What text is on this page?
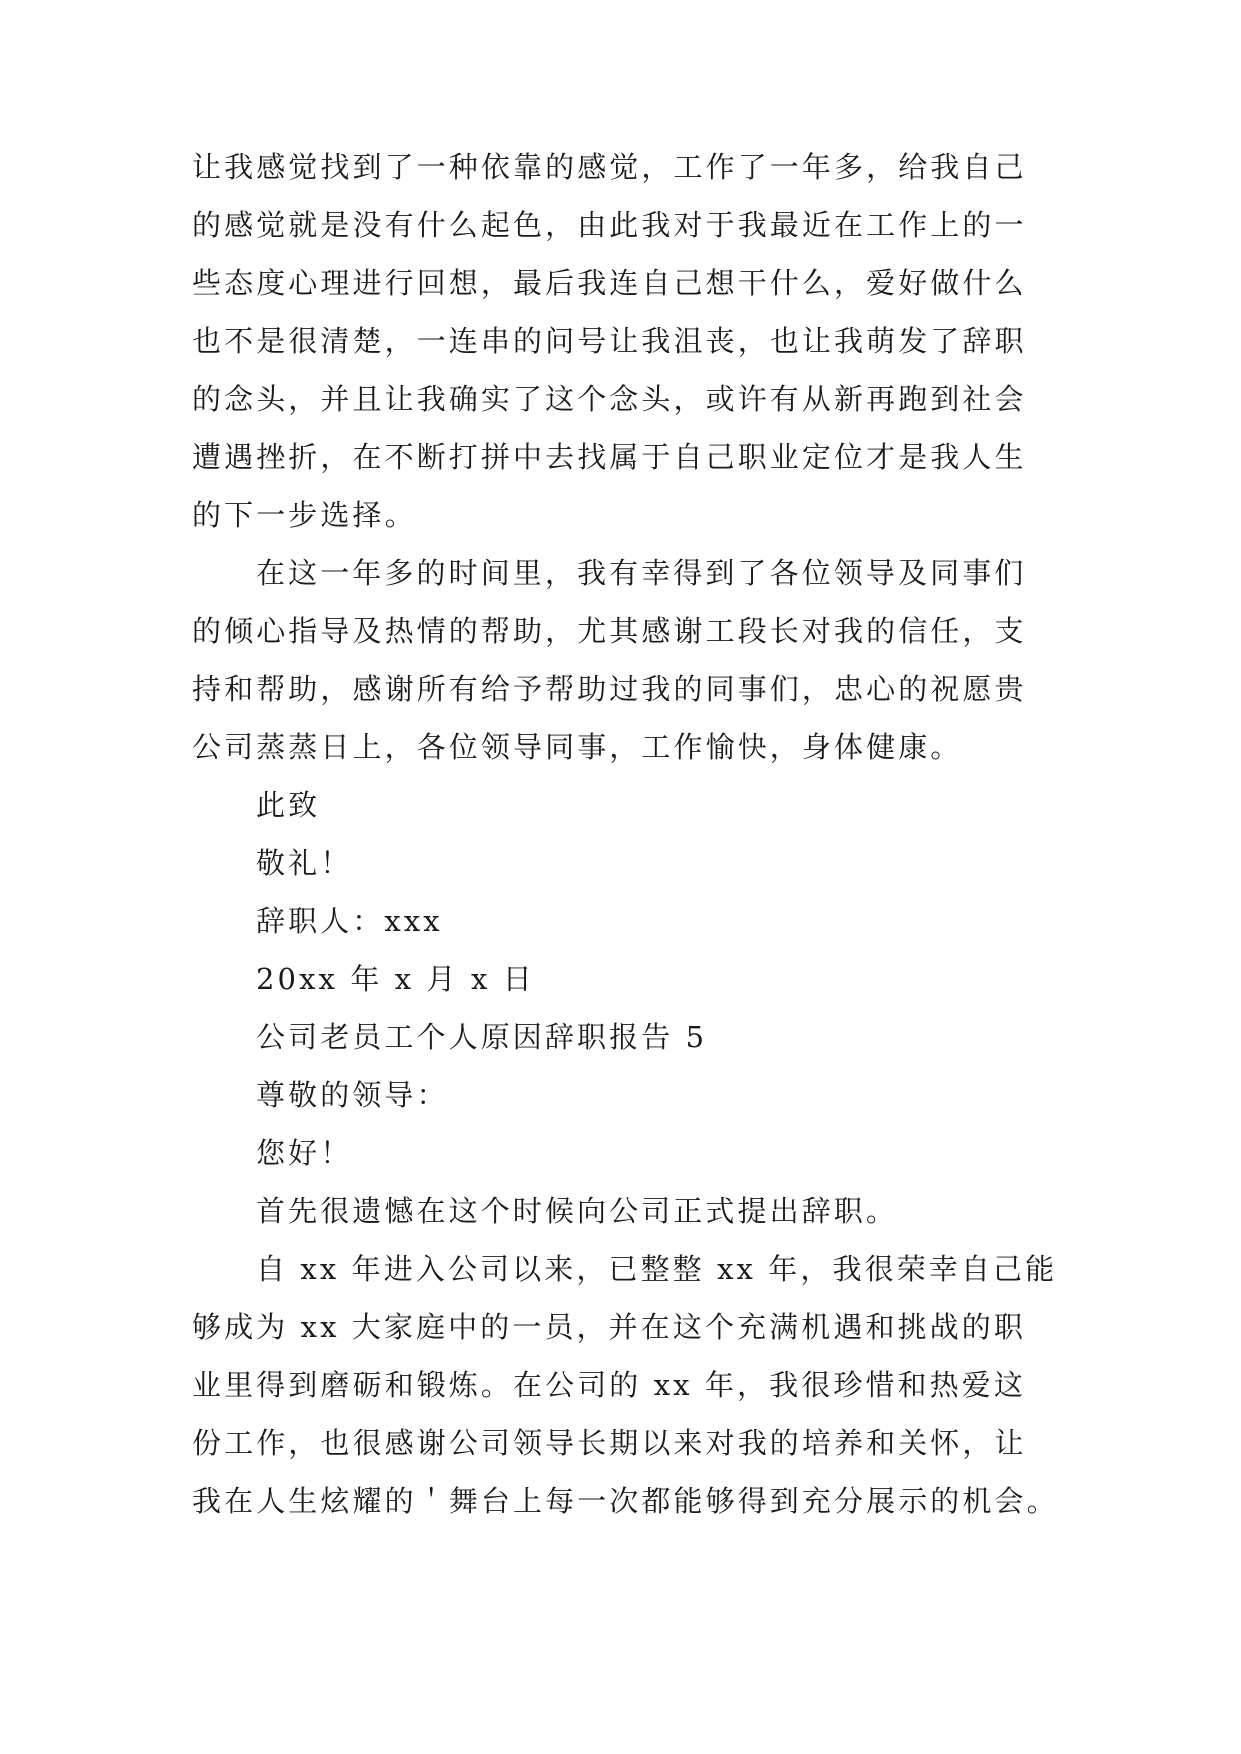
让我感觉找到了一种依靠的感觉，工作了一年多，给我自己
的感觉就是没有什么起色，由此我对于我最近在工作上的一
些态度心理进行回想，最后我连自己想干什么，爱好做什么
也不是很清楚，一连串的问号让我沮丧，也让我萌发了辞职
的念头，并且让我确实了这个念头，或许有从新再跑到社会
遭遇挫折，在不断打拼中去找属于自己职业定位才是我人生
的下一步选择。
在这一年多的时间里，我有幸得到了各位领导及同事们
的倾心指导及热情的帮助，尤其感谢工段长对我的信任，支
持和帮助，感谢所有给予帮助过我的同事们，忠心的祝愿贵
公司蒸蒸日上，各位领导同事，工作愉快，身体健康。
此致
敬礼！
辞职人：xxx
20xx 年 x 月 x 日
公司老员工个人原因辞职报告 5
尊敬的领导：
您好！
首先很遗憾在这个时候向公司正式提出辞职。
自 xx 年进入公司以来，已整整 xx 年，我很荣幸自己能
够成为 xx 大家庭中的一员，并在这个充满机遇和挑战的职
业里得到磨砺和锻炼。在公司的 xx 年，我很珍惜和热爱这
份工作，也很感谢公司领导长期以来对我的培养和关怀，让
我在人生炫耀的＇舞台上每一次都能够得到充分展示的机会。
